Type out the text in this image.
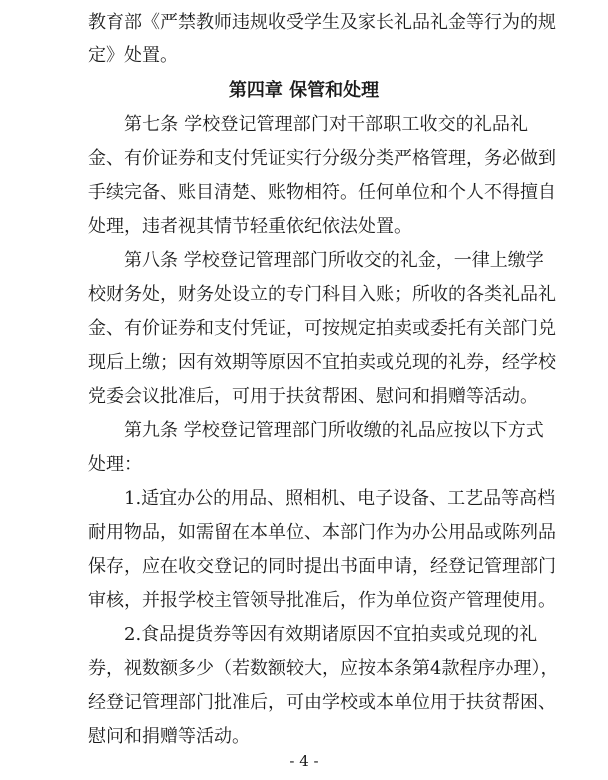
教育部《严禁教师违规收受学生及家长礼品礼金等行为的规
定》处置。
第四章 保管和处理
第七条 学校登记管理部门对干部职工收交的礼品礼
金、有价证券和支付凭证实行分级分类严格管理，务必做到
手续完备、账目清楚、账物相符。任何单位和个人不得擅自
处理，违者视其情节轻重依纪依法处置。
第八条 学校登记管理部门所收交的礼金，一律上缴学
校财务处，财务处设立的专门科目入账；所收的各类礼品礼
金、有价证券和支付凭证，可按规定拍卖或委托有关部门兑
现后上缴；因有效期等原因不宜拍卖或兑现的礼券，经学校
党委会议批准后，可用于扶贫帮困、慰问和捐赠等活动。
第九条 学校登记管理部门所收缴的礼品应按以下方式
处理：
1.适宜办公的用品、照相机、电子设备、工艺品等高档
耐用物品，如需留在本单位、本部门作为办公用品或陈列品
保存，应在收交登记的同时提出书面申请，经登记管理部门
审核，并报学校主管领导批准后，作为单位资产管理使用。
2.食品提货券等因有效期诸原因不宜拍卖或兑现的礼
券，视数额多少（若数额较大，应按本条第4款程序办理），
经登记管理部门批准后，可由学校或本单位用于扶贫帮困、
慰问和捐赠等活动。
- 4 -
